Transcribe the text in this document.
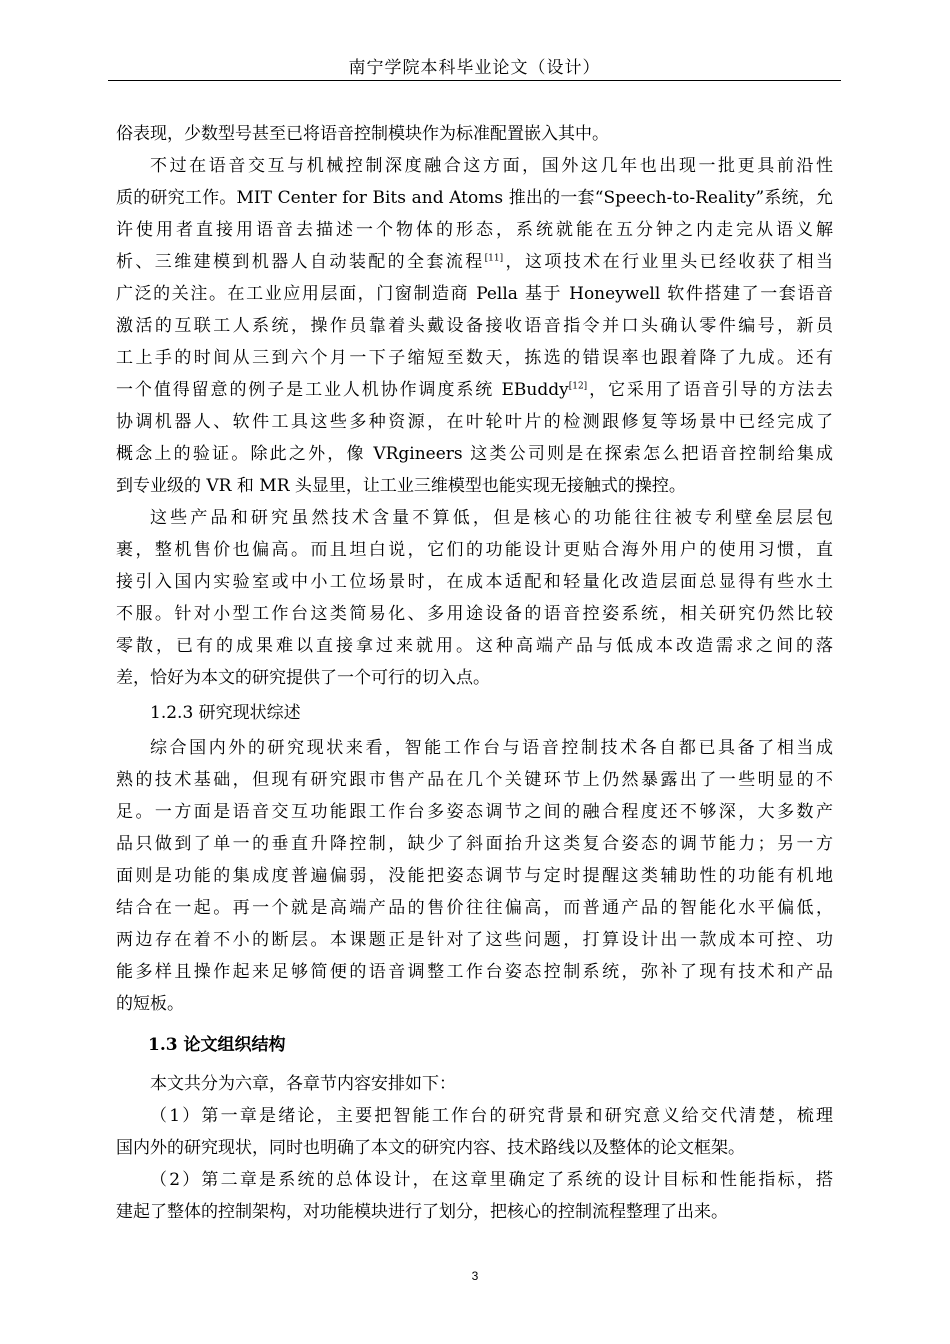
南宁学院本科毕业论文（设计）
俗表现，少数型号甚至已将语音控制模块作为标准配置嵌入其中。
不过在语音交互与机械控制深度融合这方面，国外这几年也出现一批更具前沿性
质的研究工作。MIT Center for Bits and Atoms 推出的一套“Speech-to-Reality”系统，允
许使用者直接用语音去描述一个物体的形态，系统就能在五分钟之内走完从语义解
析、三维建模到机器人自动装配的全套流程[11]，这项技术在行业里头已经收获了相当
广泛的关注。在工业应用层面，门窗制造商 Pella 基于 Honeywell 软件搭建了一套语音
激活的互联工人系统，操作员靠着头戴设备接收语音指令并口头确认零件编号，新员
工上手的时间从三到六个月一下子缩短至数天，拣选的错误率也跟着降了九成。还有
一个值得留意的例子是工业人机协作调度系统 EBuddy[12]，它采用了语音引导的方法去
协调机器人、软件工具这些多种资源，在叶轮叶片的检测跟修复等场景中已经完成了
概念上的验证。除此之外，像 VRgineers 这类公司则是在探索怎么把语音控制给集成
到专业级的 VR 和 MR 头显里，让工业三维模型也能实现无接触式的操控。
这些产品和研究虽然技术含量不算低，但是核心的功能往往被专利壁垒层层包
裹，整机售价也偏高。而且坦白说，它们的功能设计更贴合海外用户的使用习惯，直
接引入国内实验室或中小工位场景时，在成本适配和轻量化改造层面总显得有些水土
不服。针对小型工作台这类简易化、多用途设备的语音控姿系统，相关研究仍然比较
零散，已有的成果难以直接拿过来就用。这种高端产品与低成本改造需求之间的落
差，恰好为本文的研究提供了一个可行的切入点。
1.2.3 研究现状综述
综合国内外的研究现状来看，智能工作台与语音控制技术各自都已具备了相当成
熟的技术基础，但现有研究跟市售产品在几个关键环节上仍然暴露出了一些明显的不
足。一方面是语音交互功能跟工作台多姿态调节之间的融合程度还不够深，大多数产
品只做到了单一的垂直升降控制，缺少了斜面抬升这类复合姿态的调节能力；另一方
面则是功能的集成度普遍偏弱，没能把姿态调节与定时提醒这类辅助性的功能有机地
结合在一起。再一个就是高端产品的售价往往偏高，而普通产品的智能化水平偏低，
两边存在着不小的断层。本课题正是针对了这些问题，打算设计出一款成本可控、功
能多样且操作起来足够简便的语音调整工作台姿态控制系统，弥补了现有技术和产品
的短板。
1.3 论文组织结构
本文共分为六章，各章节内容安排如下：
（1）第一章是绪论，主要把智能工作台的研究背景和研究意义给交代清楚，梳理
国内外的研究现状，同时也明确了本文的研究内容、技术路线以及整体的论文框架。
（2）第二章是系统的总体设计，在这章里确定了系统的设计目标和性能指标，搭
建起了整体的控制架构，对功能模块进行了划分，把核心的控制流程整理了出来。
3
